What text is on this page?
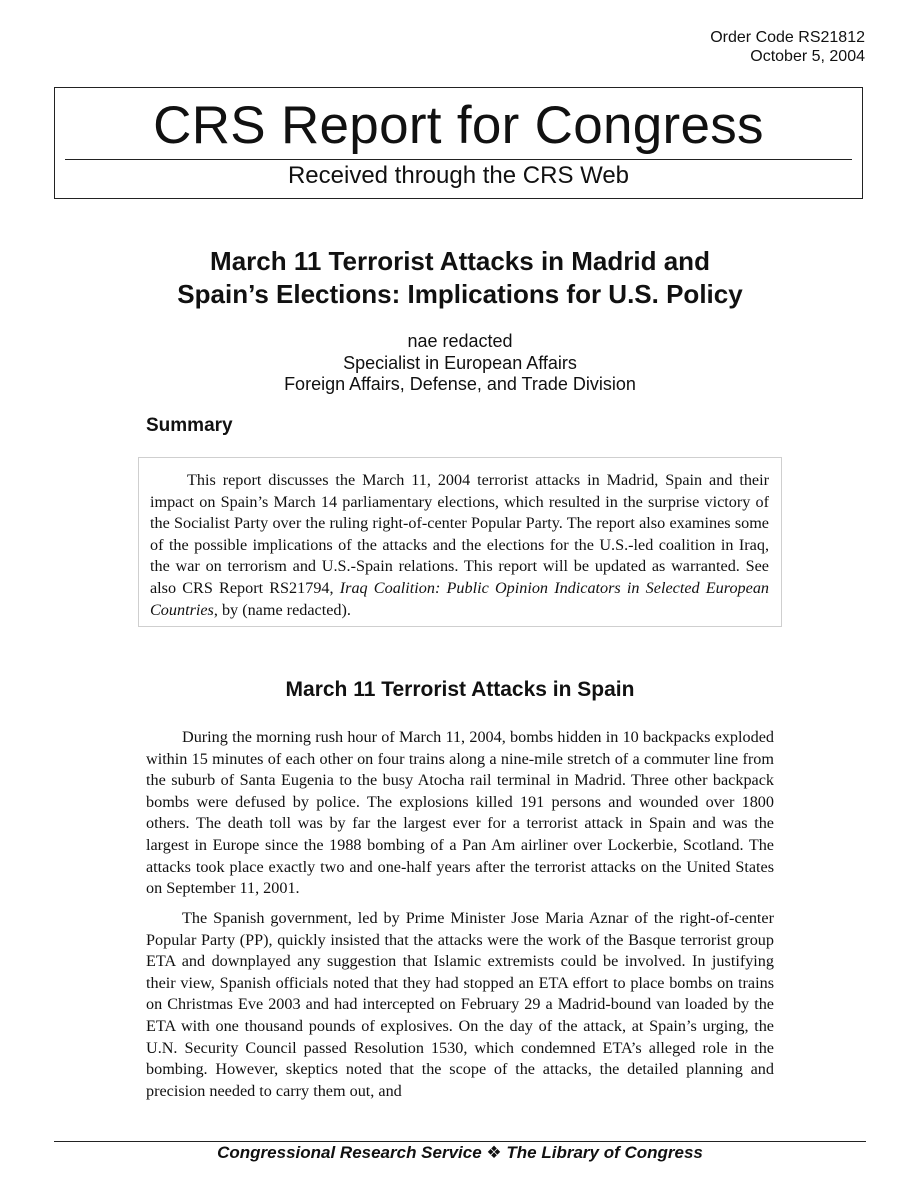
Order Code RS21812
October 5, 2004
CRS Report for Congress
Received through the CRS Web
March 11 Terrorist Attacks in Madrid and
Spain’s Elections: Implications for U.S. Policy
nae redacted
Specialist in European Affairs
Foreign Affairs, Defense, and Trade Division
Summary

This report discusses the March 11, 2004 terrorist attacks in Madrid, Spain and their impact on Spain’s March 14 parliamentary elections, which resulted in the surprise victory of the Socialist Party over the ruling right-of-center Popular Party. The report also examines some of the possible implications of the attacks and the elections for the U.S.-led coalition in Iraq, the war on terrorism and U.S.-Spain relations. This report will be updated as warranted. See also CRS Report RS21794, Iraq Coalition: Public Opinion Indicators in Selected European Countries, by (name redacted).

March 11 Terrorist Attacks in Spain

During the morning rush hour of March 11, 2004, bombs hidden in 10 backpacks exploded within 15 minutes of each other on four trains along a nine-mile stretch of a commuter line from the suburb of Santa Eugenia to the busy Atocha rail terminal in Madrid. Three other backpack bombs were defused by police. The explosions killed 191 persons and wounded over 1800 others. The death toll was by far the largest ever for a terrorist attack in Spain and was the largest in Europe since the 1988 bombing of a Pan Am airliner over Lockerbie, Scotland. The attacks took place exactly two and one-half years after the terrorist attacks on the United States on September 11, 2001.

The Spanish government, led by Prime Minister Jose Maria Aznar of the right-of-center Popular Party (PP), quickly insisted that the attacks were the work of the Basque terrorist group ETA and downplayed any suggestion that Islamic extremists could be involved. In justifying their view, Spanish officials noted that they had stopped an ETA effort to place bombs on trains on Christmas Eve 2003 and had intercepted on February 29 a Madrid-bound van loaded by the ETA with one thousand pounds of explosives. On the day of the attack, at Spain’s urging, the U.N. Security Council passed Resolution 1530, which condemned ETA’s alleged role in the bombing. However, skeptics noted that the scope of the attacks, the detailed planning and precision needed to carry them out, and

Congressional Research Service ❖ The Library of Congress
